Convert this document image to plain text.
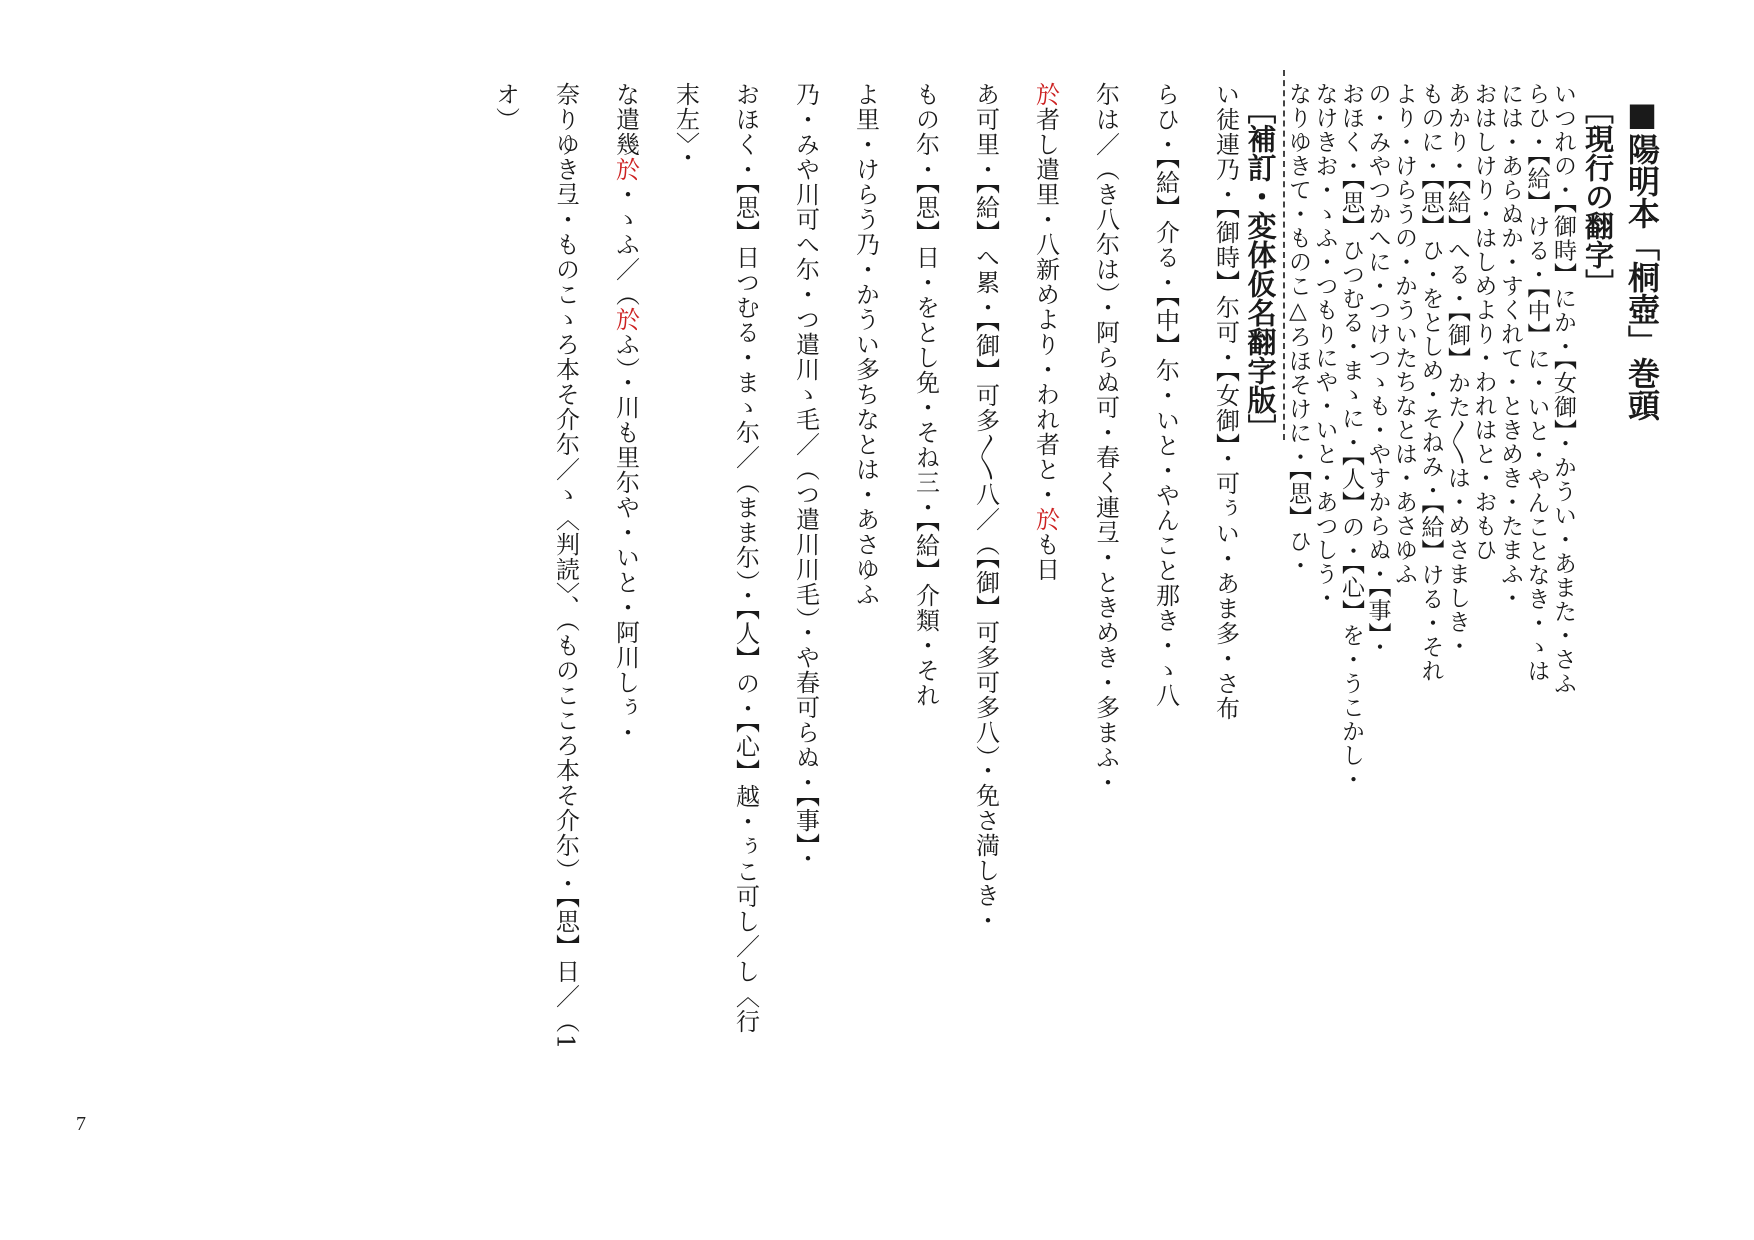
■陽明本「桐壺」巻頭
［現行の翻字］
いつれの・【御時】にか・【女御】・かうい・あまた・さふ
らひ・【給】ける・【中】に・いと・やんことなき・ゝは
には・あらぬか・すくれて・ときめき・たまふ・
おはしけり・はしめより・われはと・おもひ
あかり・【給】へる・【御】かた〳〵は・めさましき・
ものに・【思】ひ・をとしめ・そねみ・【給】ける・それ
より・けらうの・かういたちなとは・あさゆふ
の・みやつかへに・つけつゝも・やすからぬ・【事】・
おほく・【思】ひつむる・まゝに・【人】の・【心】を・うこかし・
なけきお・ゝふ・つもりにや・いと・あつしう・
なりゆきて・ものこ△ろほそけに・【思】ひ・
［補訂・変体仮名翻字版］
い徒連乃・【御時】尓可・【女御】・可ぅい・あま多・さ布
らひ・【給】介る・【中】尓・いと・やんこと那き・ゝ八
尓は／（き八尓は）・阿らぬ可・春く連弖・ときめき・多まふ・
於者し遣里・八新めより・われ者と・於も日
あ可里・【給】へ累・【御】可多〳〵八／（【御】可多可多八）・免さ満しき・
もの尓・【思】日・をとし免・そね三・【給】介類・それ
よ里・けらう乃・かうい多ちなとは・あさゆふ
乃・みや川可へ尓・つ遣川ゝ毛／（つ遣川川毛）・や春可らぬ・【事】・
おほく・【思】日つむる・まゝ尓／（まま尓）・【人】の・【心】越・ぅこ可し／し〈行
末左〉・
な遣幾於・ゝふ／（於ふ）・川も里尓や・いと・阿川しぅ・
奈りゆき弖・ものこゝろ本そ介尓／ゝ〈判読〉、（ものこころ本そ介尓）・【思】日／（1
オ）
7
